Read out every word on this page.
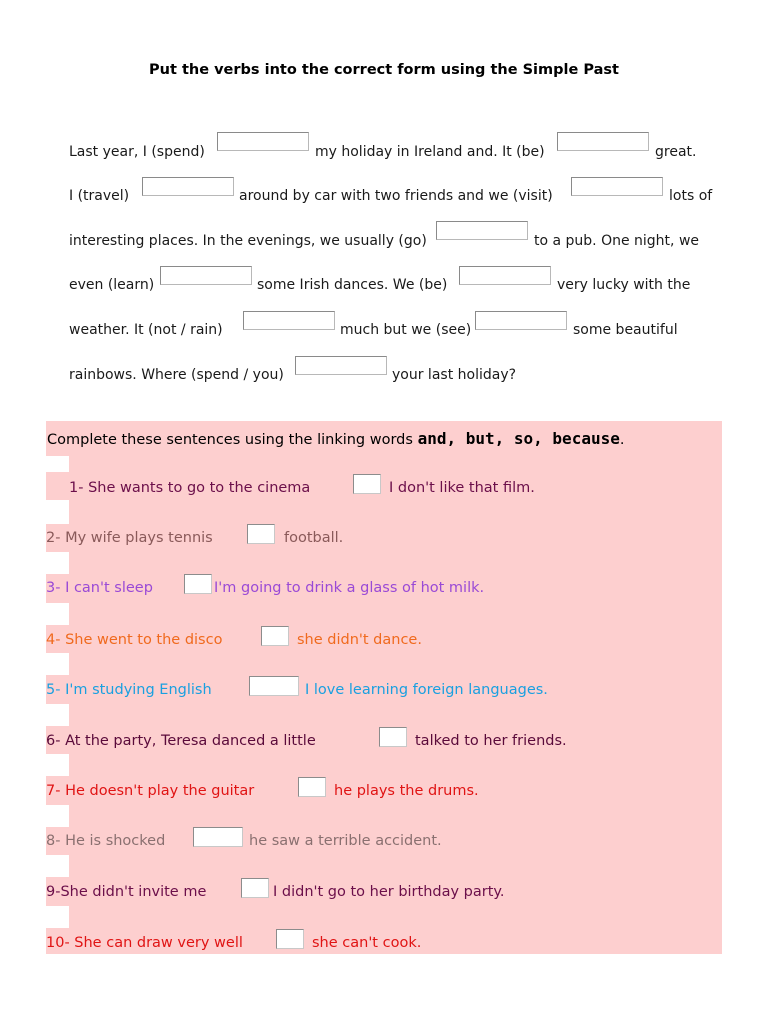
Put the verbs into the correct form using the Simple Past
Last year, I (spend)	my holiday in Ireland and. It (be)	great.
I (travel)	around by car with two friends and we (visit)	lots of
interesting places. In the evenings, we usually (go)	to a pub. One night, we
even (learn)	some Irish dances. We (be)	very lucky with the
weather. It (not / rain)	much but we (see)	some beautiful
rainbows. Where (spend / you)	your last holiday?
Complete these sentences using the linking words and, but, so, because.
1- She wants to go to the cinema	I don't like that film.
2- My wife plays tennis	football.
3- I can't sleep	I'm going to drink a glass of hot milk.
4- She went to the disco	she didn't dance.
5- I'm studying English	I love learning foreign languages.
6- At the party, Teresa danced a little	talked to her friends.
7- He doesn't play the guitar	he plays the drums.
8- He is shocked	he saw a terrible accident.
9-She didn't invite me	I didn't go to her birthday party.
10- She can draw very well	she can't cook.
